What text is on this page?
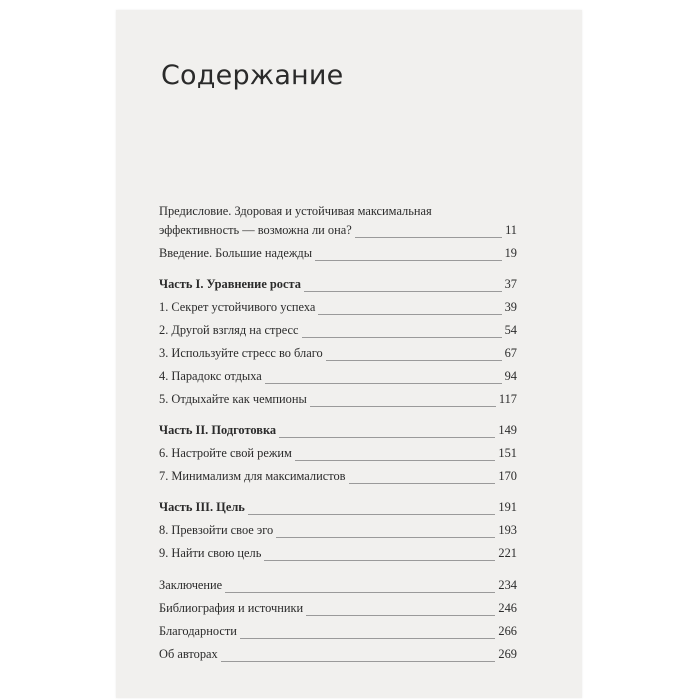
Содержание
Предисловие. Здоровая и устойчивая максимальная
эффективность — возможна ли она?	11
Введение. Большие надежды	19
Часть I. Уравнение роста	37
1. Секрет устойчивого успеха	39
2. Другой взгляд на стресс	54
3. Используйте стресс во благо	67
4. Парадокс отдыха	94
5. Отдыхайте как чемпионы	117
Часть II. Подготовка	149
6. Настройте свой режим	151
7. Минимализм для максималистов	170
Часть III. Цель	191
8. Превзойти свое эго	193
9. Найти свою цель	221
Заключение	234
Библиография и источники	246
Благодарности	266
Об авторах	269
